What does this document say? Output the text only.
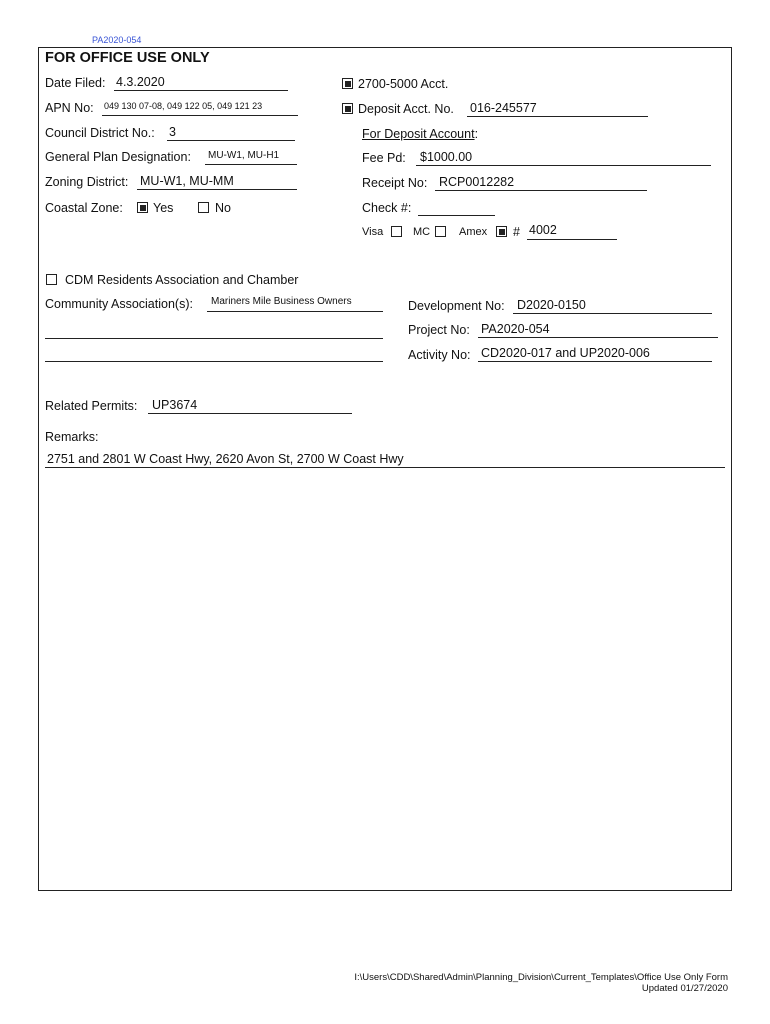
PA2020-054
FOR OFFICE USE ONLY
Date Filed: 4.3.2020
APN No: 049 130 07-08, 049 122 05, 049 121 23
Council District No.: 3
General Plan Designation: MU-W1, MU-H1
Zoning District: MU-W1, MU-MM
Coastal Zone: Yes	No
2700-5000 Acct.
Deposit Acct. No. 016-245577
For Deposit Account:
Fee Pd: $1000.00
Receipt No: RCP0012282
Check #:
Visa	MC	Amex # 4002
CDM Residents Association and Chamber
Community Association(s): Mariners Mile Business Owners	Development No: D2020-0150
Project No: PA2020-054
Activity No: CD2020-017 and UP2020-006
Related Permits: UP3674
Remarks:
2751 and 2801 W Coast Hwy, 2620 Avon St, 2700 W Coast Hwy
I:\Users\CDD\Shared\Admin\Planning_Division\Current_Templates\Office Use Only Form
Updated 01/27/2020
